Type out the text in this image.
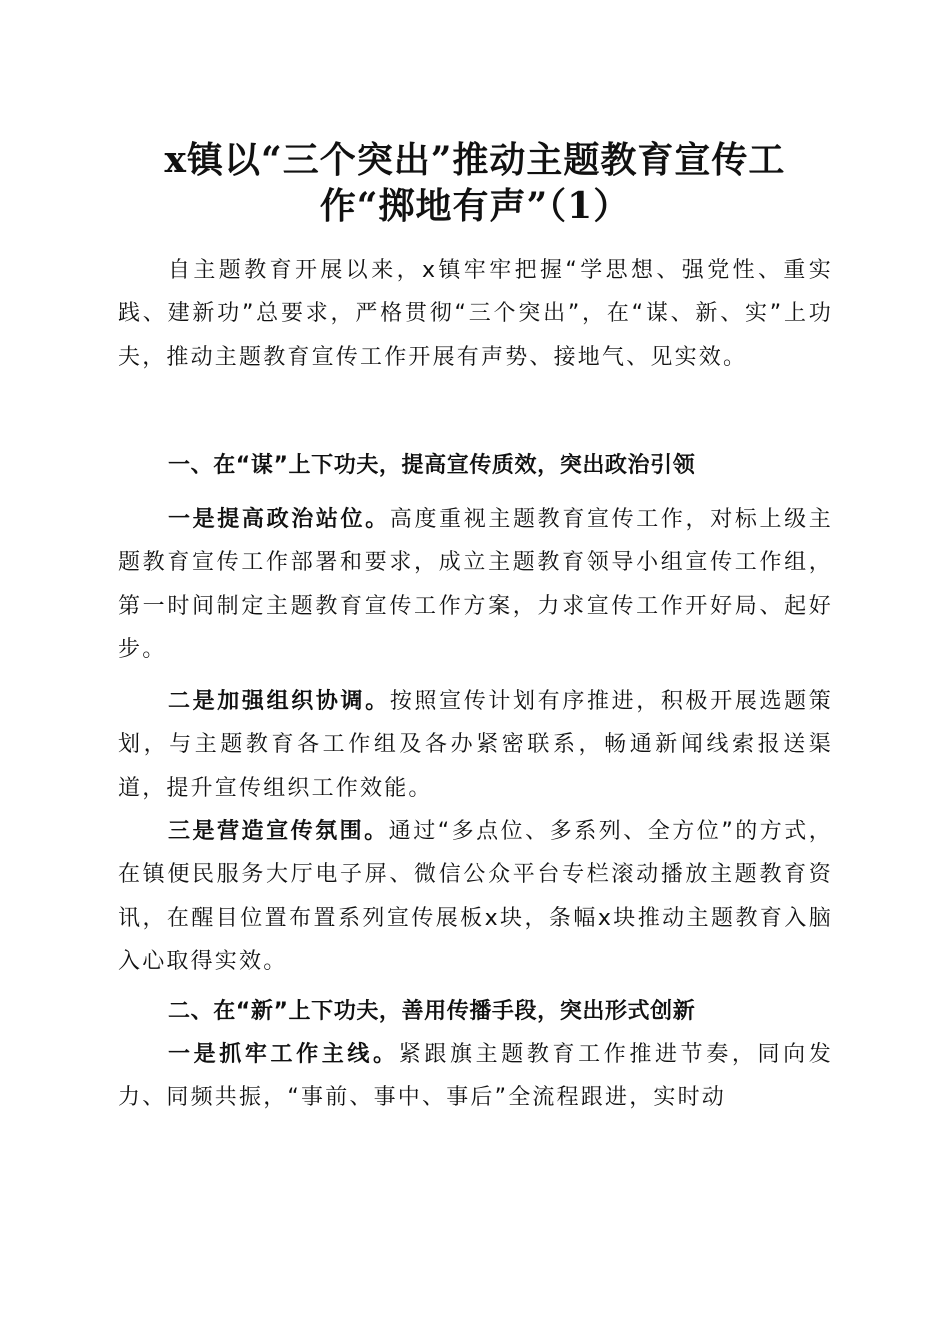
x镇以“三个突出”推动主题教育宣传工
作“掷地有声”（1）

自主题教育开展以来，x镇牢牢把握“学思想、强党性、重实践、建新功”总要求，严格贯彻“三个突出”，在“谋、新、实”上功夫，推动主题教育宣传工作开展有声势、接地气、见实效。

一、在“谋”上下功夫，提高宣传质效，突出政治引领

一是提高政治站位。高度重视主题教育宣传工作，对标上级主题教育宣传工作部署和要求，成立主题教育领导小组宣传工作组，第一时间制定主题教育宣传工作方案，力求宣传工作开好局、起好步。

二是加强组织协调。按照宣传计划有序推进，积极开展选题策划，与主题教育各工作组及各办紧密联系，畅通新闻线索报送渠道，提升宣传组织工作效能。

三是营造宣传氛围。通过“多点位、多系列、全方位”的方式，在镇便民服务大厅电子屏、微信公众平台专栏滚动播放主题教育资讯，在醒目位置布置系列宣传展板x块，条幅x块推动主题教育入脑入心取得实效。

二、在“新”上下功夫，善用传播手段，突出形式创新

一是抓牢工作主线。紧跟旗主题教育工作推进节奏，同向发力、同频共振，“事前、事中、事后”全流程跟进，实时动
